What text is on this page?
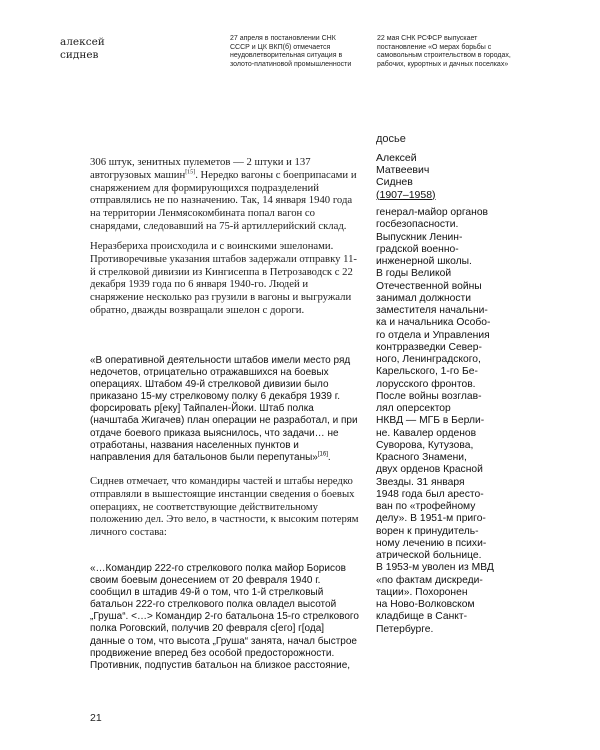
алексей
сиднев
27 апреля в постановлении СНК СССР и ЦК ВКП(б) отмечается неудовлетворительная ситуация в золото-платиновой промышленности
22 мая СНК РСФСР выпускает постановление «О мерах борьбы с самовольным строительством в городах, рабочих, курортных и дачных поселках»
досье
Алексей
Матвеевич
Сиднев
(1907–1958)

генерал-майор органов

госбезопасности.

Выпускник Ленин-

градской военно-

инженерной школы.

В годы Великой

Отечественной войны

занимал должности

заместителя начальни-

ка и начальника Особо-

го отдела и Управления

контрразведки Север-

ного, Ленинградского,

Карельского, 1-го Бе-

лорусского фронтов.

После войны возглав-

лял оперсектор

НКВД — МГБ в Берли-

не. Кавалер орденов

Суворова, Кутузова,

Красного Знамени,

двух орденов Красной

Звезды. 31 января

1948 года был аресто-

ван по «трофейному

делу». В 1951-м приго-

ворен к принудитель-

ному лечению в психи-

атрической больнице.

В 1953-м уволен из МВД

«по фактам дискреди-

тации». Похоронен

на Ново-Волковском

кладбище в Санкт-

Петербурге.

306 штук, зенитных пулеметов — 2 штуки и 137 автогрузовых машин[15]. Нередко вагоны с боеприпасами и снаряжением для формирующихся подразделений отправлялись не по назначению. Так, 14 января 1940 года на территории Ленмясокомбината попал вагон со снарядами, следовавший на 75-й артиллерийский склад.

Неразбериха происходила и с воинскими эшелонами. Противоречивые указания штабов задержали отправку 11-й стрелковой дивизии из Кингисеппа в Петрозаводск с 22 декабря 1939 года по 6 января 1940-го. Людей и снаряжение несколько раз грузили в вагоны и выгружали обратно, дважды возвращали эшелон с дороги.

«В оперативной деятельности штабов имели место ряд недочетов, отрицательно отражавшихся на боевых операциях. Штабом 49-й стрелковой дивизии было приказано 15-му стрелковому полку 6 декабря 1939 г. форсировать р[еку] Тайпален-Йоки. Штаб полка (начштаба Жигачев) план операции не разработал, и при отдаче боевого приказа выяснилось, что задачи… не отработаны, названия населенных пунктов и направления для батальонов были перепутаны»[16].

Сиднев отмечает, что командиры частей и штабы нередко отправляли в вышестоящие инстанции сведения о боевых операциях, не соответствующие действительному положению дел. Это вело, в частности, к высоким потерям личного состава:

«…Командир 222-го стрелкового полка майор Борисов своим боевым донесением от 20 февраля 1940 г. сообщил в штадив 49-й о том, что 1-й стрелковый батальон 222-го стрелкового полка овладел высотой „Груша“. <…> Командир 2-го батальона 15-го стрелкового полка Роговский, получив 20 февраля с[его] г[ода] данные о том, что высота „Груша“ занята, начал быстрое продвижение вперед без особой предосторожности. Противник, подпустив батальон на близкое расстояние,

21
